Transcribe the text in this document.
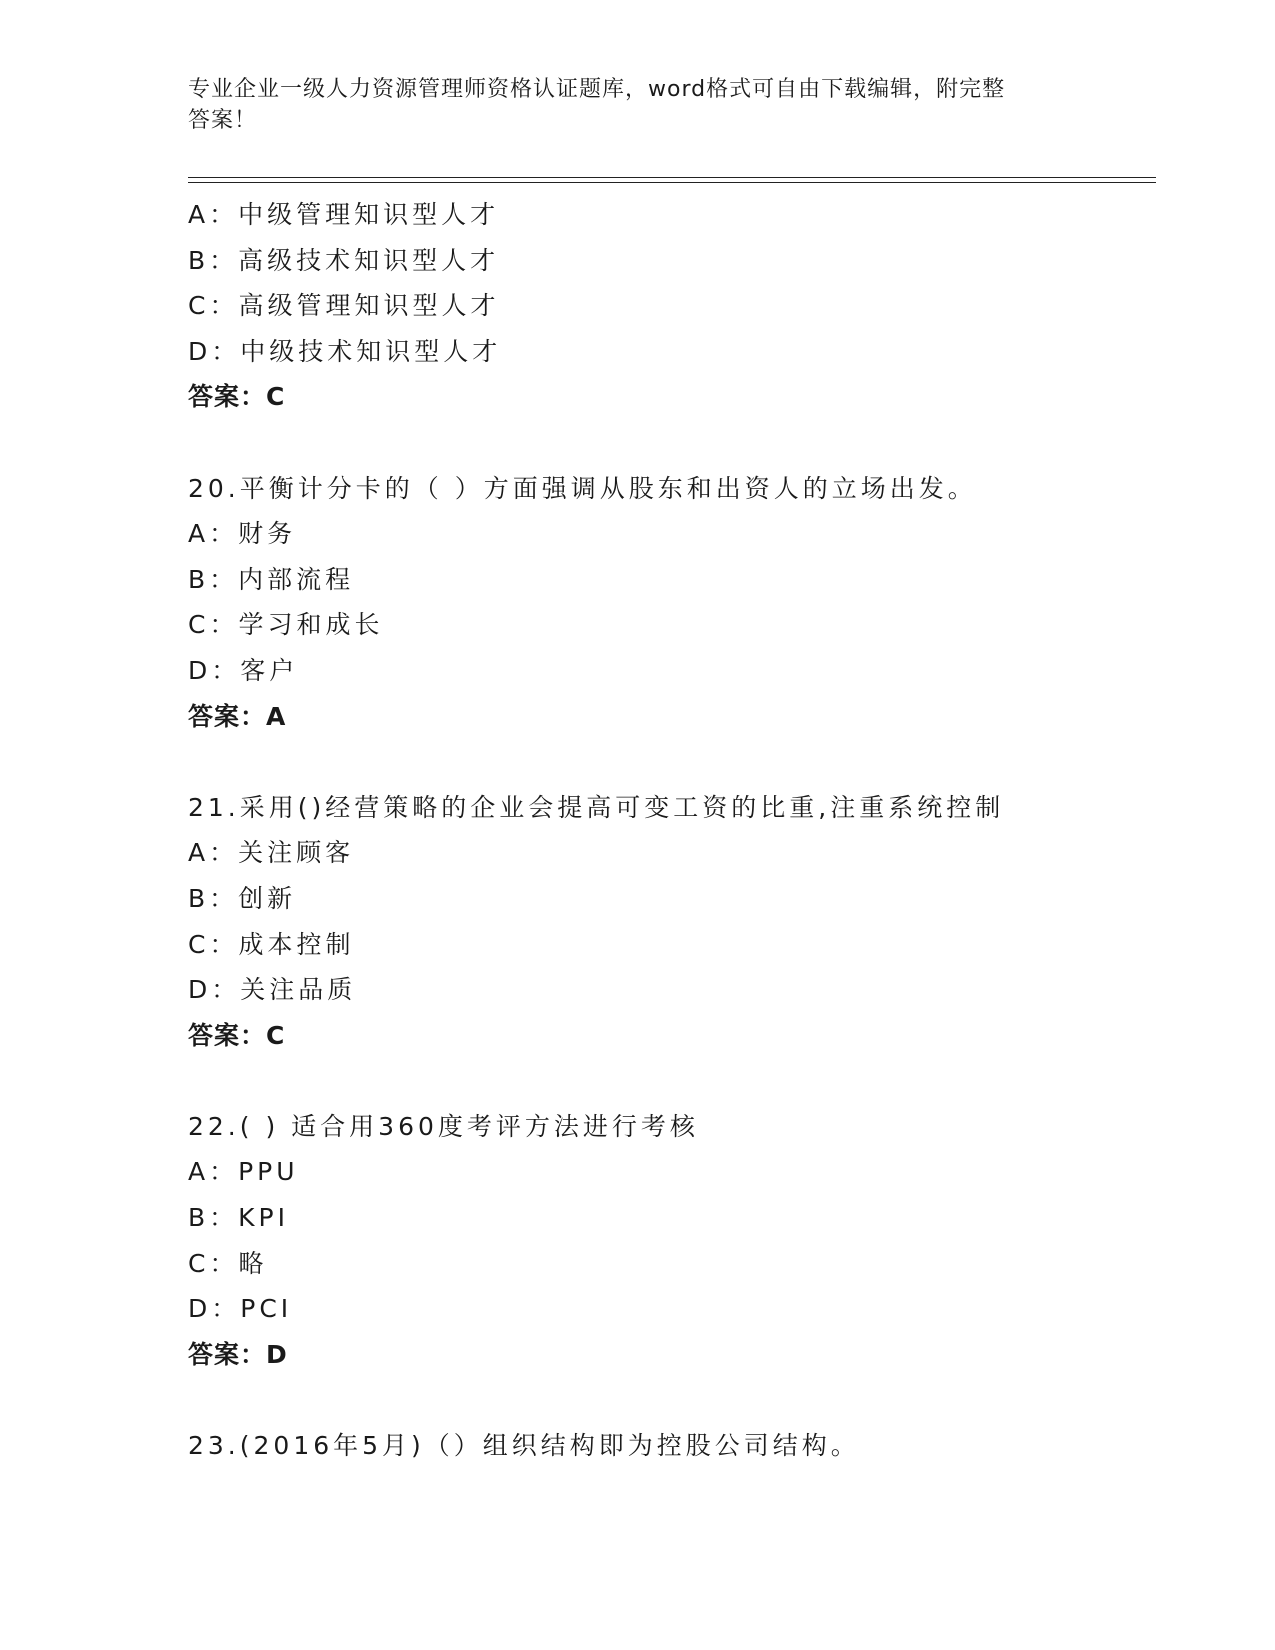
专业企业一级人力资源管理师资格认证题库，word格式可自由下载编辑，附完整
答案！
A：中级管理知识型人才
B：高级技术知识型人才
C：高级管理知识型人才
D：中级技术知识型人才
答案：C
20.平衡计分卡的（ ）方面强调从股东和出资人的立场出发。
A：财务
B：内部流程
C：学习和成长
D：客户
答案：A
21.采用()经营策略的企业会提高可变工资的比重,注重系统控制
A：关注顾客
B：创新
C：成本控制
D：关注品质
答案：C
22.( ) 适合用360度考评方法进行考核
A：PPU
B：KPI
C：略
D：PCI
答案：D
23.(2016年5月)（）组织结构即为控股公司结构。
